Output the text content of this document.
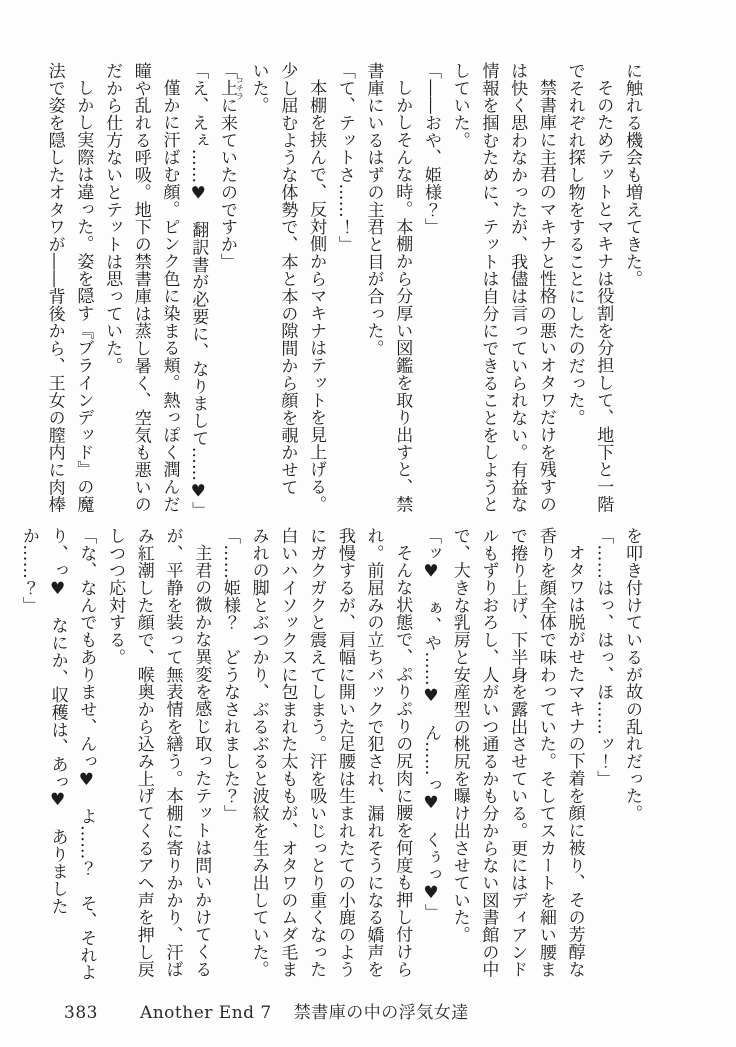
に触れる機会も増えてきた。

そのためテットとマキナは役割を分担して、地下と一階

でそれぞれ探し物をすることにしたのだった。

禁書庫に主君のマキナと性格の悪いオタワだけを残すの

は快く思わなかったが、我儘は言っていられない。有益な

情報を掴むために、テットは自分にできることをしようと

していた。

「――おや、姫様？」

しかしそんな時。本棚から分厚い図鑑を取り出すと、禁

書庫にいるはずの主君と目が合った。

「て、テットさ……！」

本棚を挟んで、反対側からマキナはテットを見上げる。

少し屈むような体勢で、本と本の隙間から顔を覗かせて

いた。

「上コチラに来ていたのですか」

「え、えぇ……♥　翻訳書が必要に、なりまして……♥」

僅かに汗ばむ顔。ピンク色に染まる頬。熱っぽく潤んだ

瞳や乱れる呼吸。地下の禁書庫は蒸し暑く、空気も悪いの

だから仕方ないとテットは思っていた。

しかし実際は違った。姿を隠す『ブラインデッド』の魔

法で姿を隠したオタワが――背後から、王女の膣内に肉棒

を叩き付けているが故の乱れだった。

「……はっ、はっ、ほ……ッ！」

オタワは脱がせたマキナの下着を顔に被り、その芳醇な

香りを顔全体で味わっていた。そしてスカートを細い腰ま

で捲り上げ、下半身を露出させている。更にはディアンド

ルもずりおろし、人がいつ通るかも分からない図書館の中

で、大きな乳房と安産型の桃尻を曝け出させていた。

「ッ♥　ぁ、や……♥　ん……っ♥　くぅっ♥」

そんな状態で、ぷりぷりの尻肉に腰を何度も押し付けら

れ。前屈みの立ちバックで犯され、漏れそうになる嬌声を

我慢するが、肩幅に開いた足腰は生まれたての小鹿のよう

にガクガクと震えてしまう。汗を吸いじっとり重くなった

白いハイソックスに包まれた太ももが、オタワのムダ毛ま

みれの脚とぶつかり、ぶるぶると波紋を生み出していた。

「……姫様？　どうなされました？」

主君の微かな異変を感じ取ったテットは問いかけてくる

が、平静を装って無表情を繕う。本棚に寄りかかり、汗ば

み紅潮した顔で、喉奥から込み上げてくるアヘ声を押し戻

しつつ応対する。

「な、なんでもありませ、んっ♥　よ……？　そ、それよ

り、っ♥　なにか、収穫は、あっ♥　ありましたか……？」

383 Another End 7 禁書庫の中の浮気女達
